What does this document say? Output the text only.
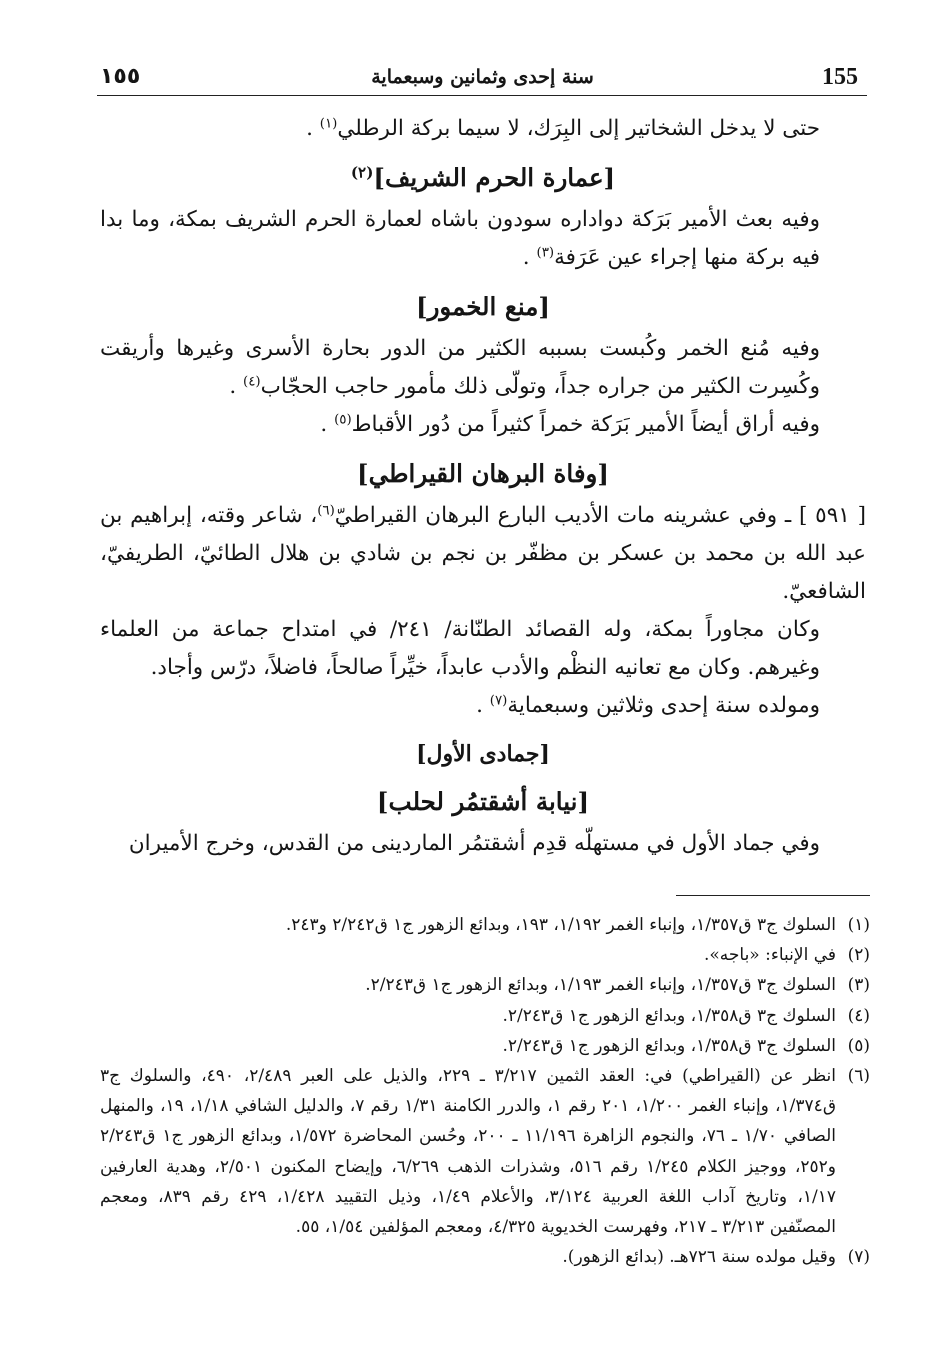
155
سنة إحدى وثمانين وسبعماية
١٥٥

حتى لا يدخل الشخاتير إلى البِرَك، لا سيما بركة الرطلي$^{(١)}$ .

[عمارة الحرم الشريف]$^{(٢)}$

وفيه بعث الأمير بَرَكة دواداره سودون باشاه لعمارة الحرم الشريف بمكة، وما بدا فيه بركة منها إجراء عين عَرَفة$^{(٣)}$ .

[منع الخمور]

وفيه مُنع الخمر وكُبست بسببه الكثير من الدور بحارة الأسرى وغيرها وأريقت وكُسِرت الكثير من جراره جداً، وتولّى ذلك مأمور حاجب الحجّاب$^{(٤)}$ .

وفيه أراق أيضاً الأمير بَرَكة خمراً كثيراً من دُور الأقباط$^{(٥)}$ .

[وفاة البرهان القيراطي]

[ ٥٩١ ] ـ وفي عشرينه مات الأديب البارع البرهان القيراطيّ$^{(٦)}$، شاعر وقته، إبراهيم بن عبد الله بن محمد بن عسكر بن مظفّر بن نجم بن شادي بن هلال الطائيّ، الطريفيّ، الشافعيّ.

وكان مجاوراً بمكة، وله القصائد الطنّانة/ ٢٤١/ في امتداح جماعة من العلماء وغيرهم. وكان مع تعانيه النظْم والأدب عابداً، خيِّراً صالحاً، فاضلاً، درّس وأجاد.

ومولده سنة إحدى وثلاثين وسبعماية$^{(٧)}$ .

[جمادى الأول]
[نيابة أشقتمُر لحلب]

وفي جماد الأول في مستهلّه قدِم أشقتمُر الماردينى من القدس، وخرج الأميران

(١)
السلوك ج٣ ق١/٣٥٧، وإنباء الغمر ١/١٩٢، ١٩٣، وبدائع الزهور ج١ ق٢/٢٤٢ و٢٤٣.
(٢)
في الإنباء: «باجه».
(٣)
السلوك ج٣ ق١/٣٥٧، وإنباء الغمر ١/١٩٣، وبدائع الزهور ج١ ق٢/٢٤٣.
(٤)
السلوك ج٣ ق١/٣٥٨، وبدائع الزهور ج١ ق٢/٢٤٣.
(٥)
السلوك ج٣ ق١/٣٥٨، وبدائع الزهور ج١ ق٢/٢٤٣.
(٦)
انظر عن (القيراطي) في: العقد الثمين ٣/٢١٧ ـ ٢٢٩، والذيل على العبر ٢/٤٨٩، ٤٩٠، والسلوك ج٣ ق١/٣٧٤، وإنباء الغمر ١/٢٠٠، ٢٠١ رقم ١، والدرر الكامنة ١/٣١ رقم ٧، والدليل الشافي ١/١٨، ١٩، والمنهل الصافي ١/٧٠ ـ ٧٦، والنجوم الزاهرة ١١/١٩٦ ـ ٢٠٠، وحُسن المحاضرة ١/٥٧٢، وبدائع الزهور ج١ ق٢/٢٤٣ و٢٥٢، ووجيز الكلام ١/٢٤٥ رقم ٥١٦، وشذرات الذهب ٦/٢٦٩، وإيضاح المكنون ٢/٥٠١، وهدية العارفين ١/١٧، وتاريخ آداب اللغة العربية ٣/١٢٤، والأعلام ١/٤٩، وذيل التقييد ١/٤٢٨، ٤٢٩ رقم ٨٣٩، ومعجم المصنّفين ٣/٢١٣ ـ ٢١٧، وفهرست الخديوية ٤/٣٢٥، ومعجم المؤلفين ١/٥٤، ٥٥.
(٧)
وقيل مولده سنة ٧٢٦هـ. (بدائع الزهور).
